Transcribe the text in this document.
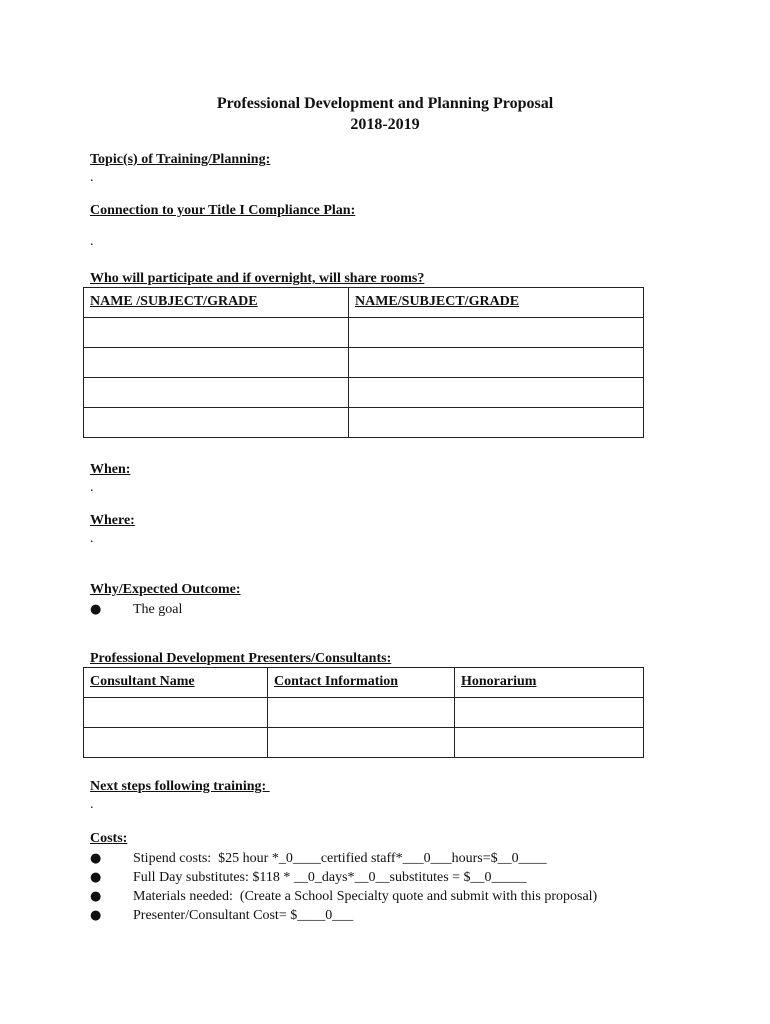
Professional Development and Planning Proposal
2018-2019
Topic(s) of Training/Planning:
.
Connection to your Title I Compliance Plan:
.
Who will participate and if overnight, will share rooms?
NAME /SUBJECT/GRADE	NAME/SUBJECT/GRADE

When:
.
Where:
.
Why/Expected Outcome:
● The goal
Professional Development Presenters/Consultants:
Consultant Name	Contact Information	Honorarium

Next steps following training:
.
Costs:
● Stipend costs:  $25 hour *_0____certified staff*___0___hours=$__0____
● Full Day substitutes: $118 * __0_days*__0__substitutes = $__0_____
● Materials needed:  (Create a School Specialty quote and submit with this proposal)
● Presenter/Consultant Cost= $____0___
